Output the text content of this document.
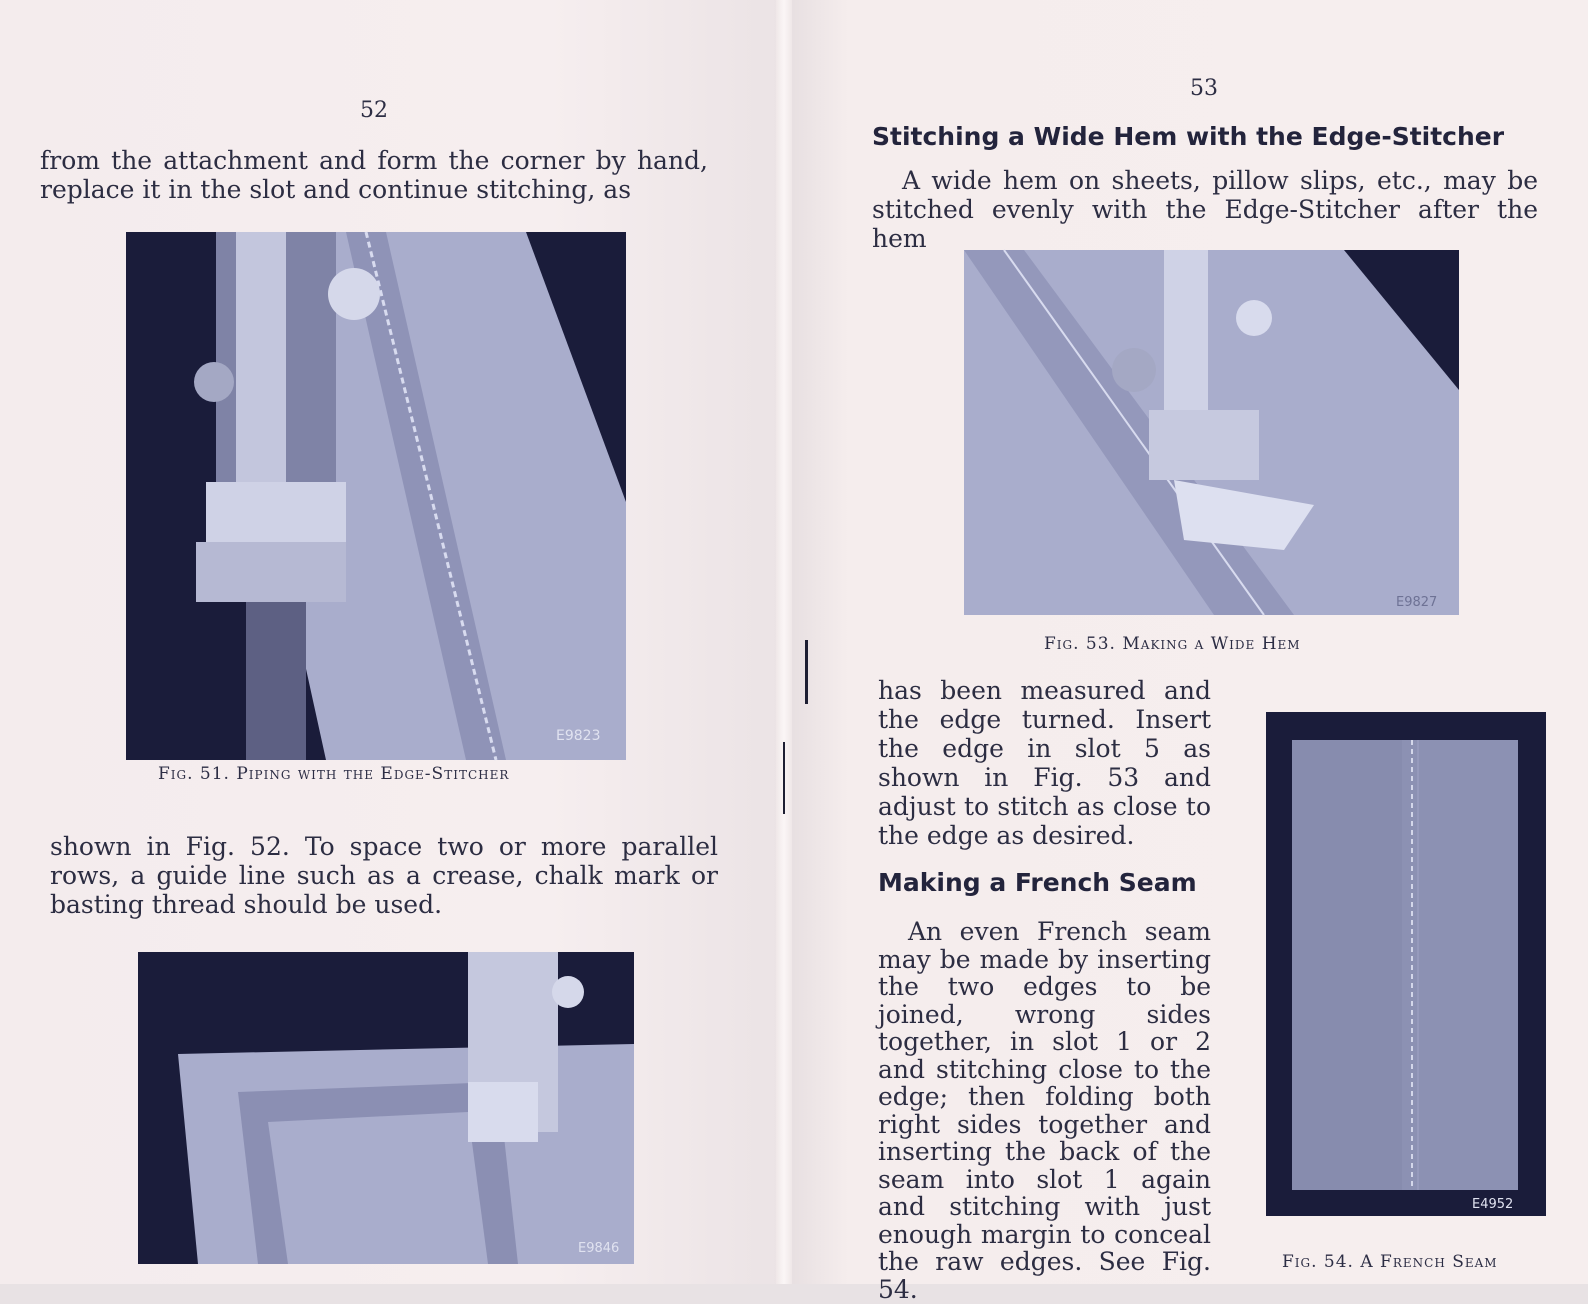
52
from the attachment and form the corner by hand, replace it in the slot and continue stitching, as
E9823
Fig. 51. Piping with the Edge-Stitcher
shown in Fig. 52. To space two or more parallel rows, a guide line such as a crease, chalk mark or basting thread should be used.
E9846
53
Stitching a Wide Hem with the Edge-Stitcher
A wide hem on sheets, pillow slips, etc., may be stitched evenly with the Edge-Stitcher after the hem
E9827
Fig. 53. Making a Wide Hem
has been measured and the edge turned. Insert the edge in slot 5 as shown in Fig. 53 and adjust to stitch as close to the edge as desired.
Making a French Seam
An even French seam may be made by inserting the two edges to be joined, wrong sides together, in slot 1 or 2 and stitching close to the edge; then folding both right sides together and inserting the back of the seam into slot 1 again and stitching with just enough margin to conceal the raw edges. See Fig. 54.
E4952
Fig. 54. A French Seam
